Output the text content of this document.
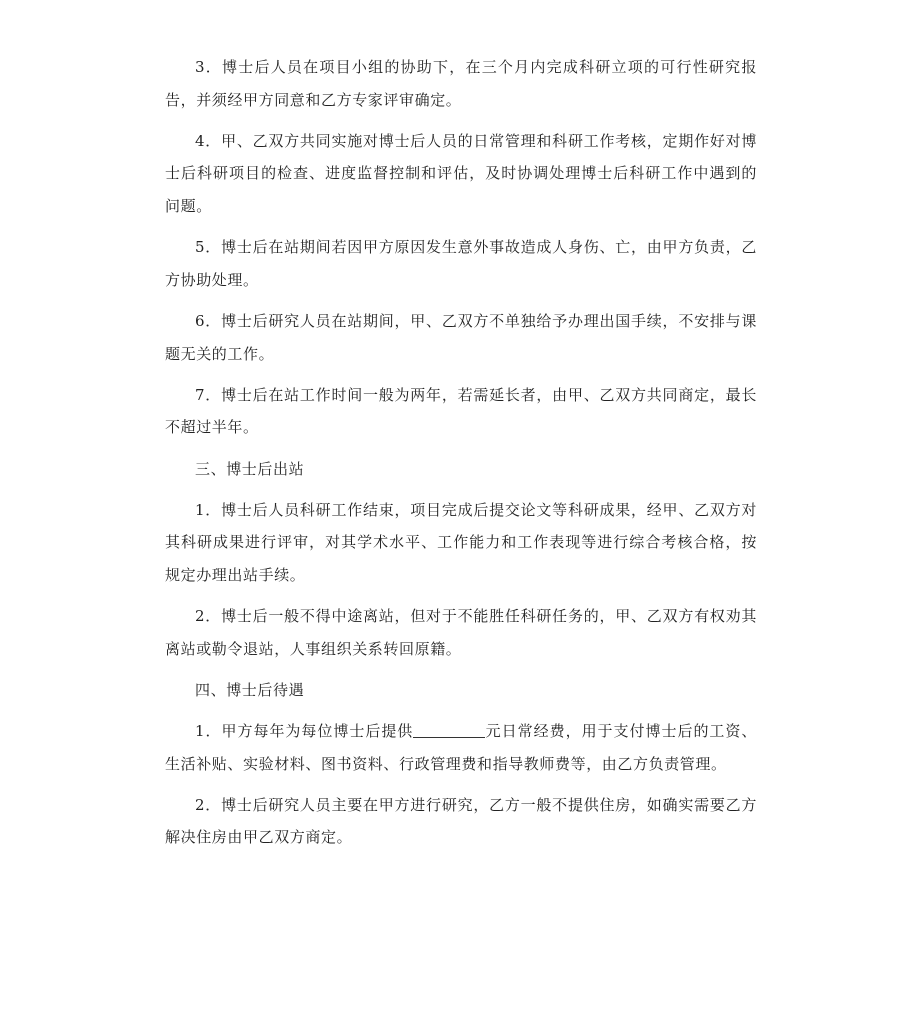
3．博士后人员在项目小组的协助下，在三个月内完成科研立项的可行性研究报告，并须经甲方同意和乙方专家评审确定。

4．甲、乙双方共同实施对博士后人员的日常管理和科研工作考核，定期作好对博士后科研项目的检查、进度监督控制和评估，及时协调处理博士后科研工作中遇到的问题。

5．博士后在站期间若因甲方原因发生意外事故造成人身伤、亡，由甲方负责，乙方协助处理。

6．博士后研究人员在站期间，甲、乙双方不单独给予办理出国手续，不安排与课题无关的工作。

7．博士后在站工作时间一般为两年，若需延长者，由甲、乙双方共同商定，最长不超过半年。

三、博士后出站

1．博士后人员科研工作结束，项目完成后提交论文等科研成果，经甲、乙双方对其科研成果进行评审，对其学术水平、工作能力和工作表现等进行综合考核合格，按规定办理出站手续。

2．博士后一般不得中途离站，但对于不能胜任科研任务的，甲、乙双方有权劝其离站或勒令退站，人事组织关系转回原籍。

四、博士后待遇

1．甲方每年为每位博士后提供	元日常经费，用于支付博士后的工资、生活补贴、实验材料、图书资料、行政管理费和指导教师费等，由乙方负责管理。

2．博士后研究人员主要在甲方进行研究，乙方一般不提供住房，如确实需要乙方解决住房由甲乙双方商定。
